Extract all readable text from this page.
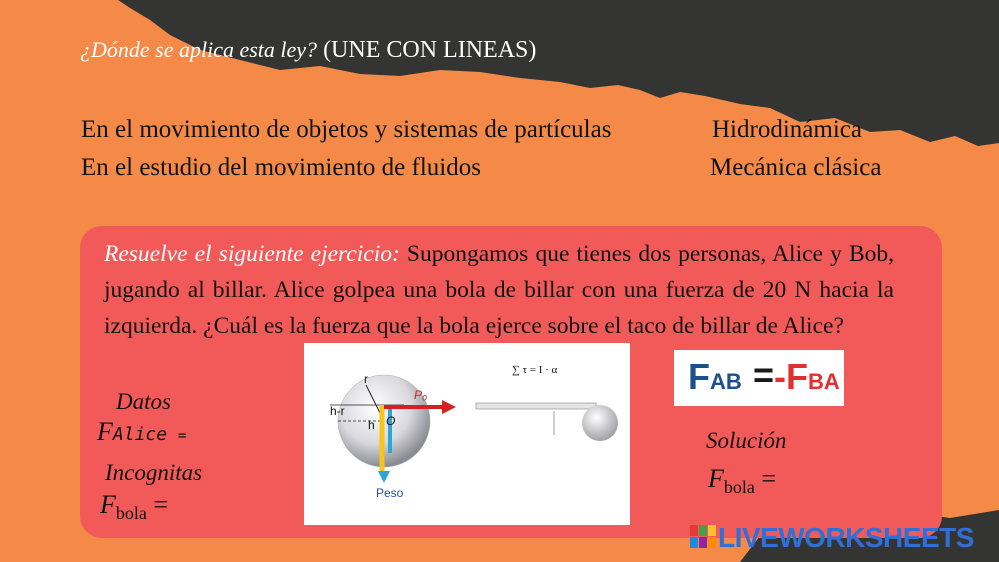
¿Dónde se aplica esta ley? (UNE CON LINEAS)
En el movimiento de objetos y sistemas de partículas
En el estudio del movimiento de fluidos
Hidrodinámica
Mecánica clásica
Resuelve el siguiente ejercicio: Supongamos que tienes dos personas, Alice y Bob, jugando al billar. Alice golpea una bola de billar con una fuerza de 20 N hacia la izquierda. ¿Cuál es la fuerza que la bola ejerce sobre el taco de billar de Alice?
Datos
FAlice =
Incognitas
$F_{bola}$ =
r
h-r
h O
P₀
Peso
∑ τ = I · α	FAB = -FBA
Solución
$F_{bola}$ =
LIVEWORKSHEETS
